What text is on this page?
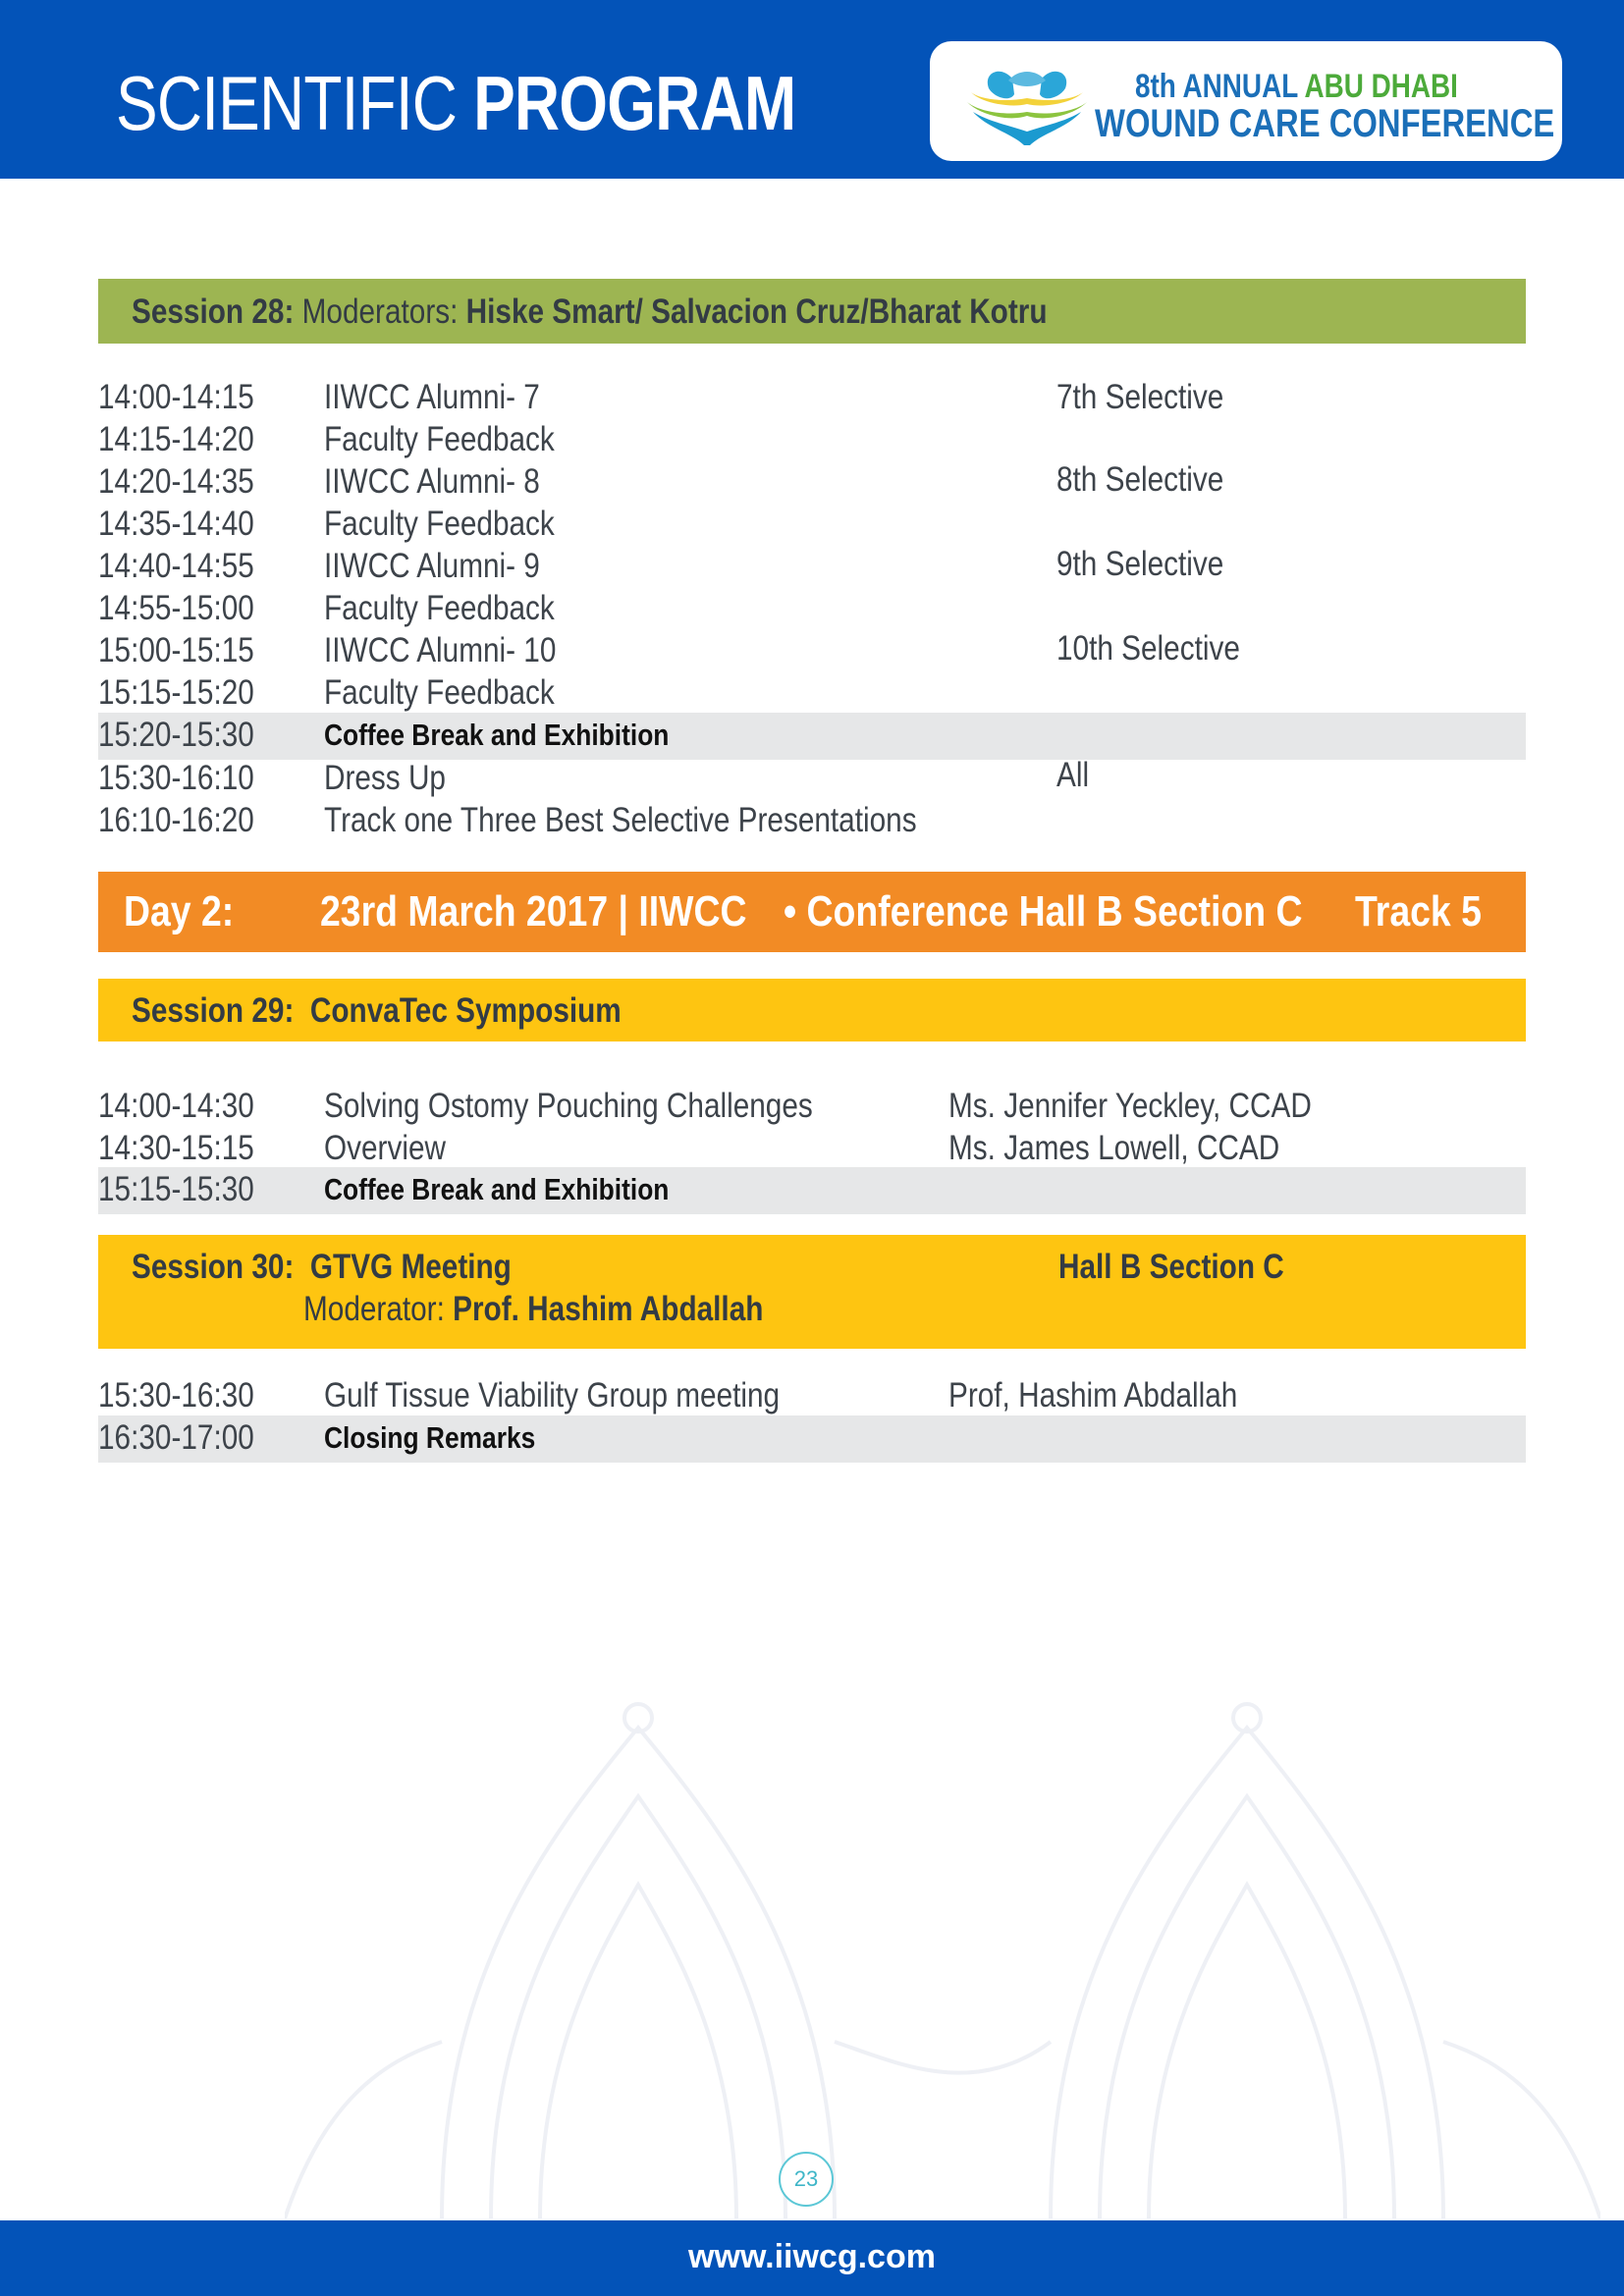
SCIENTIFIC PROGRAM	8th ANNUAL ABU DHABI
WOUND CARE CONFERENCE
Session 28: Moderators: Hiske Smart/ Salvacion Cruz/Bharat Kotru
14:00-14:15 IIWCC Alumni- 7	7th Selective
14:15-14:20 Faculty Feedback
14:20-14:35 IIWCC Alumni- 8	8th Selective
14:35-14:40 Faculty Feedback
14:40-14:55 IIWCC Alumni- 9	9th Selective
14:55-15:00 Faculty Feedback
15:00-15:15 IIWCC Alumni- 10	10th Selective
15:15-15:20 Faculty Feedback
15:20-15:30 Coffee Break and Exhibition
15:30-16:10 Dress Up	All
16:10-16:20 Track one Three Best Selective Presentations
Day 2: 23rd March 2017 | IIWCC • Conference Hall B Section C Track 5
Session 29: ConvaTec Symposium
14:00-14:30 Solving Ostomy Pouching Challenges	Ms. Jennifer Yeckley, CCAD
14:30-15:15 Overview	Ms. James Lowell, CCAD
15:15-15:30 Coffee Break and Exhibition
Session 30: GTVG Meeting	Hall B Section C
Moderator: Prof. Hashim Abdallah
15:30-16:30 Gulf Tissue Viability Group meeting	Prof, Hashim Abdallah
16:30-17:00 Closing Remarks
23
www.iiwcg.com
